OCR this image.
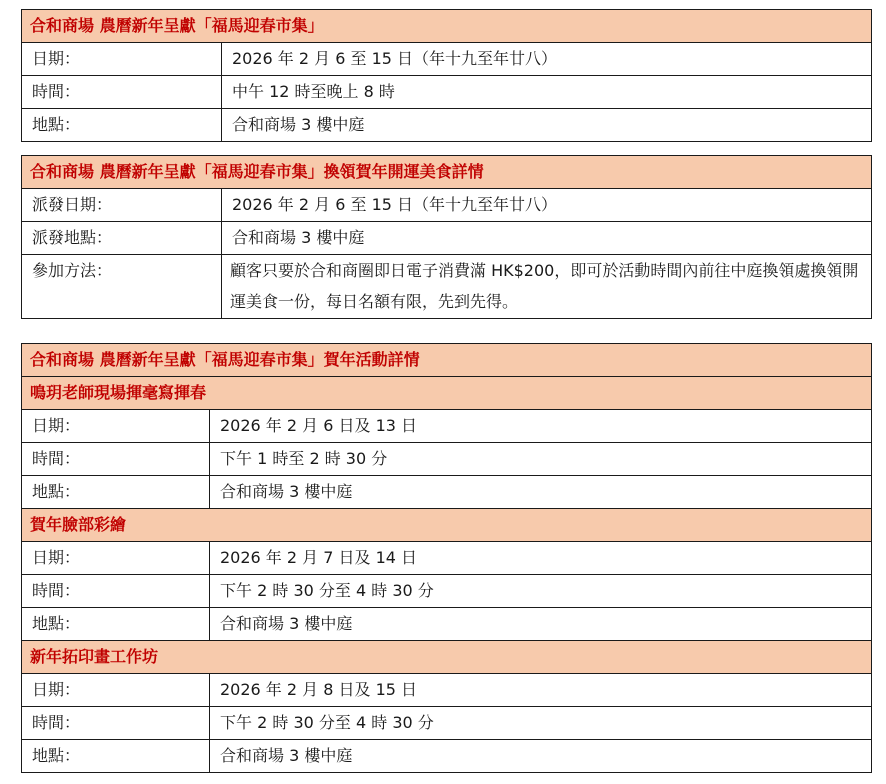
合和商場 農曆新年呈獻「福馬迎春市集」	
日期：	2026 年 2 月 6 至 15 日（年十九至年廿八）
時間：	中午 12 時至晚上 8 時
地點：	合和商場 3 樓中庭
合和商場 農曆新年呈獻「福馬迎春市集」換領賀年開運美食詳情	
派發日期：	2026 年 2 月 6 至 15 日（年十九至年廿八）
派發地點：	合和商場 3 樓中庭
參加方法：	顧客只要於合和商圈即日電子消費滿 HK$200，即可於活動時間內前往中庭換領處換領開運美食一份，每日名額有限，先到先得。
合和商場 農曆新年呈獻「福馬迎春市集」賀年活動詳情	
鳴玥老師現場揮毫寫揮春	
日期：	2026 年 2 月 6 日及 13 日
時間：	下午 1 時至 2 時 30 分
地點：	合和商場 3 樓中庭
賀年臉部彩繪	
日期：	2026 年 2 月 7 日及 14 日
時間：	下午 2 時 30 分至 4 時 30 分
地點：	合和商場 3 樓中庭
新年拓印畫工作坊	
日期：	2026 年 2 月 8 日及 15 日
時間：	下午 2 時 30 分至 4 時 30 分
地點：	合和商場 3 樓中庭
